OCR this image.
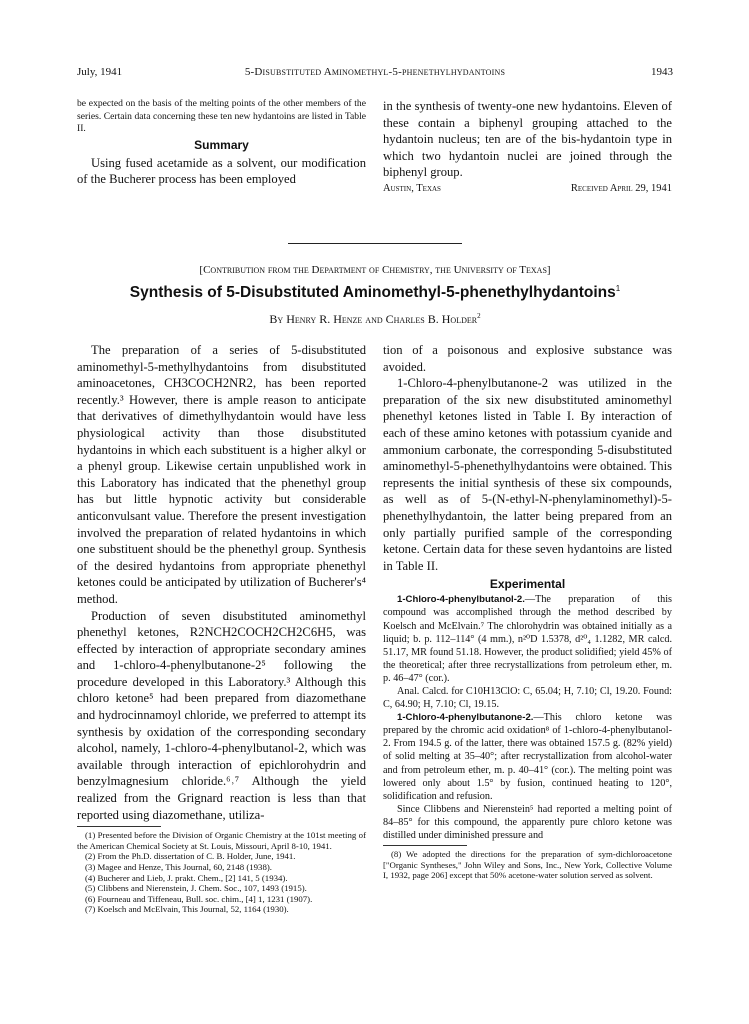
July, 1941	5-Disubstituted Aminomethyl-5-phenethylhydantoins	1943

be expected on the basis of the melting points of the other members of the series. Certain data concerning these ten new hydantoins are listed in Table II.

Summary

Using fused acetamide as a solvent, our modification of the Bucherer process has been employed

in the synthesis of twenty-one new hydantoins. Eleven of these contain a biphenyl grouping attached to the hydantoin nucleus; ten are of the bis-hydantoin type in which two hydantoin nuclei are joined through the biphenyl group.

Austin, Texas	Received April 29, 1941
[Contribution from the Department of Chemistry, the University of Texas]
Synthesis of 5-Disubstituted Aminomethyl-5-phenethylhydantoins$^1$
By Henry R. Henze and Charles B. Holder$^2$

The preparation of a series of 5-disubstituted aminomethyl-5-methylhydantoins from disubstituted aminoacetones, CH3COCH2NR2, has been reported recently.³ However, there is ample reason to anticipate that derivatives of dimethylhydantoin would have less physiological activity than those disubstituted hydantoins in which each substituent is a higher alkyl or a phenyl group. Likewise certain unpublished work in this Laboratory has indicated that the phenethyl group has but little hypnotic activity but considerable anticonvulsant value. Therefore the present investigation involved the preparation of related hydantoins in which one substituent should be the phenethyl group. Synthesis of the desired hydantoins from appropriate phenethyl ketones could be anticipated by utilization of Bucherer's⁴ method.

Production of seven disubstituted aminomethyl phenethyl ketones, R2NCH2COCH2CH2C6H5, was effected by interaction of appropriate secondary amines and 1-chloro-4-phenylbutanone-2⁵ following the procedure developed in this Laboratory.³ Although this chloro ketone⁵ had been prepared from diazomethane and hydrocinnamoyl chloride, we preferred to attempt its synthesis by oxidation of the corresponding secondary alcohol, namely, 1-chloro-4-phenylbutanol-2, which was available through interaction of epichlorohydrin and benzylmagnesium chloride.⁶˒⁷ Although the yield realized from the Grignard reaction is less than that reported using diazomethane, utiliza-

(1) Presented before the Division of Organic Chemistry at the 101st meeting of the American Chemical Society at St. Louis, Missouri, April 8-10, 1941.

(2) From the Ph.D. dissertation of C. B. Holder, June, 1941.

(3) Magee and Henze, This Journal, 60, 2148 (1938).

(4) Bucherer and Lieb, J. prakt. Chem., [2] 141, 5 (1934).

(5) Clibbens and Nierenstein, J. Chem. Soc., 107, 1493 (1915).

(6) Fourneau and Tiffeneau, Bull. soc. chim., [4] 1, 1231 (1907).

(7) Koelsch and McElvain, This Journal, 52, 1164 (1930).

tion of a poisonous and explosive substance was avoided.

1-Chloro-4-phenylbutanone-2 was utilized in the preparation of the six new disubstituted aminomethyl phenethyl ketones listed in Table I. By interaction of each of these amino ketones with potassium cyanide and ammonium carbonate, the corresponding 5-disubstituted aminomethyl-5-phenethylhydantoins were obtained. This represents the initial synthesis of these six compounds, as well as of 5-(N-ethyl-N-phenylaminomethyl)-5-phenethylhydantoin, the latter being prepared from an only partially purified sample of the corresponding ketone. Certain data for these seven hydantoins are listed in Table II.

Experimental

1-Chloro-4-phenylbutanol-2.—The preparation of this compound was accomplished through the method described by Koelsch and McElvain.⁷ The chlorohydrin was obtained initially as a liquid; b. p. 112–114° (4 mm.), n²⁰D 1.5378, d²⁰₄ 1.1282, MR calcd. 51.17, MR found 51.18. However, the product solidified; yield 45% of the theoretical; after three recrystallizations from petroleum ether, m. p. 46–47° (cor.).

Anal. Calcd. for C10H13ClO: C, 65.04; H, 7.10; Cl, 19.20. Found: C, 64.90; H, 7.10; Cl, 19.15.

1-Chloro-4-phenylbutanone-2.—This chloro ketone was prepared by the chromic acid oxidation⁸ of 1-chloro-4-phenylbutanol-2. From 194.5 g. of the latter, there was obtained 157.5 g. (82% yield) of solid melting at 35–40°; after recrystallization from alcohol-water and from petroleum ether, m. p. 40–41° (cor.). The melting point was lowered only about 1.5° by fusion, continued heating to 120°, solidification and refusion.

Since Clibbens and Nierenstein⁵ had reported a melting point of 84–85° for this compound, the apparently pure chloro ketone was distilled under diminished pressure and

(8) We adopted the directions for the preparation of sym-dichloroacetone ["Organic Syntheses," John Wiley and Sons, Inc., New York, Collective Volume I, 1932, page 206] except that 50% acetone-water solution served as solvent.
